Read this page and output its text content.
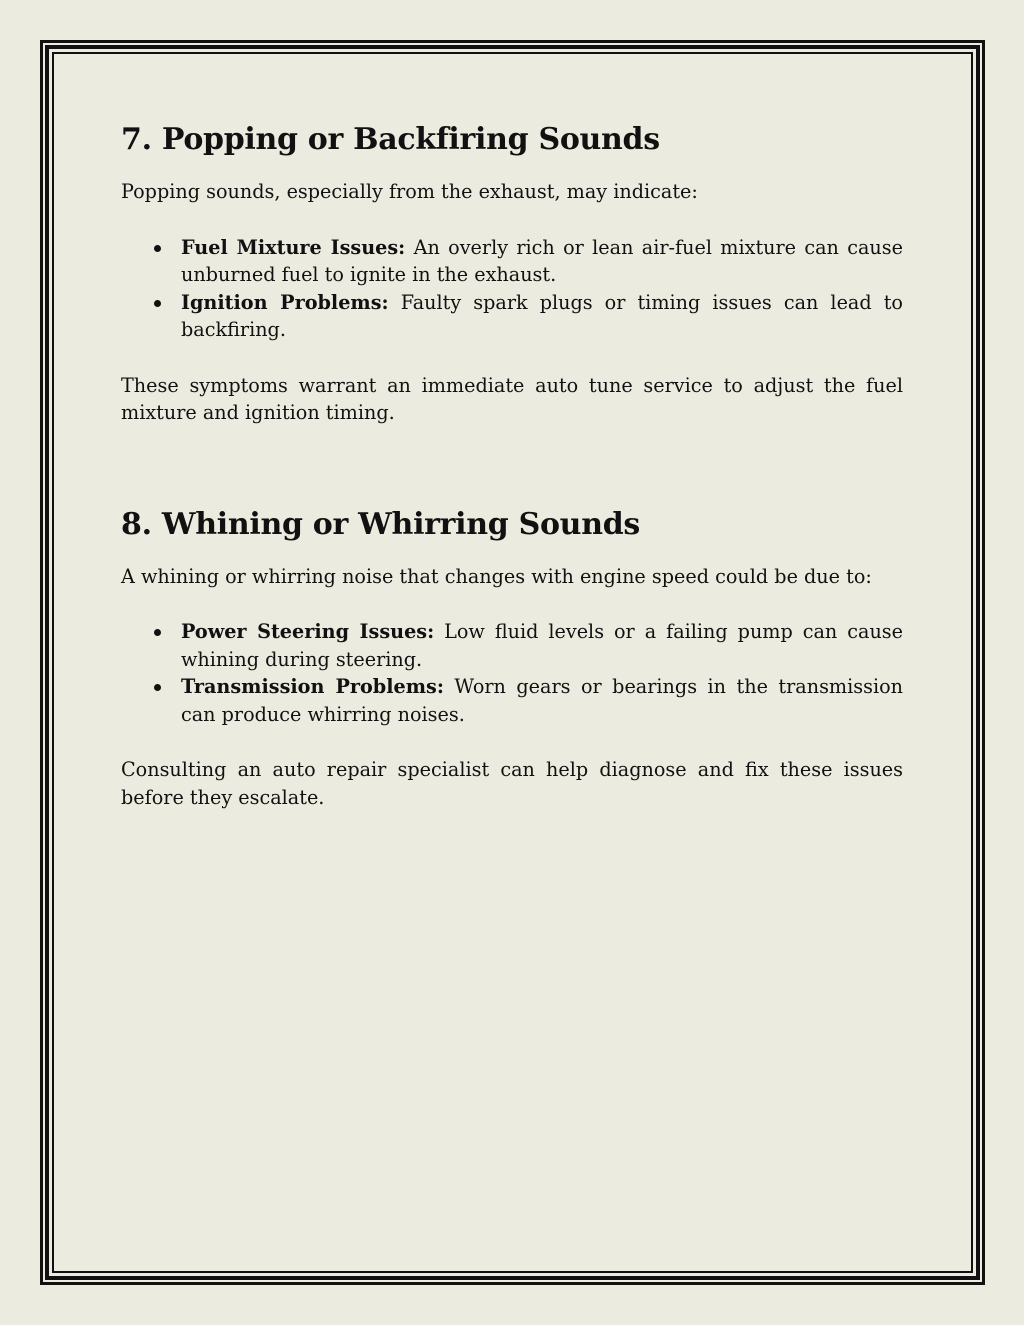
7. Popping or Backfiring Sounds

Popping sounds, especially from the exhaust, may indicate:

Fuel Mixture Issues: An overly rich or lean air-fuel mixture can cause unburned fuel to ignite in the exhaust.
Ignition Problems: Faulty spark plugs or timing issues can lead to backfiring.

These symptoms warrant an immediate auto tune service to adjust the fuel mixture and ignition timing.

8. Whining or Whirring Sounds

A whining or whirring noise that changes with engine speed could be due to:

Power Steering Issues: Low fluid levels or a failing pump can cause whining during steering.
Transmission Problems: Worn gears or bearings in the transmission can produce whirring noises.

Consulting an auto repair specialist can help diagnose and fix these issues before they escalate.
